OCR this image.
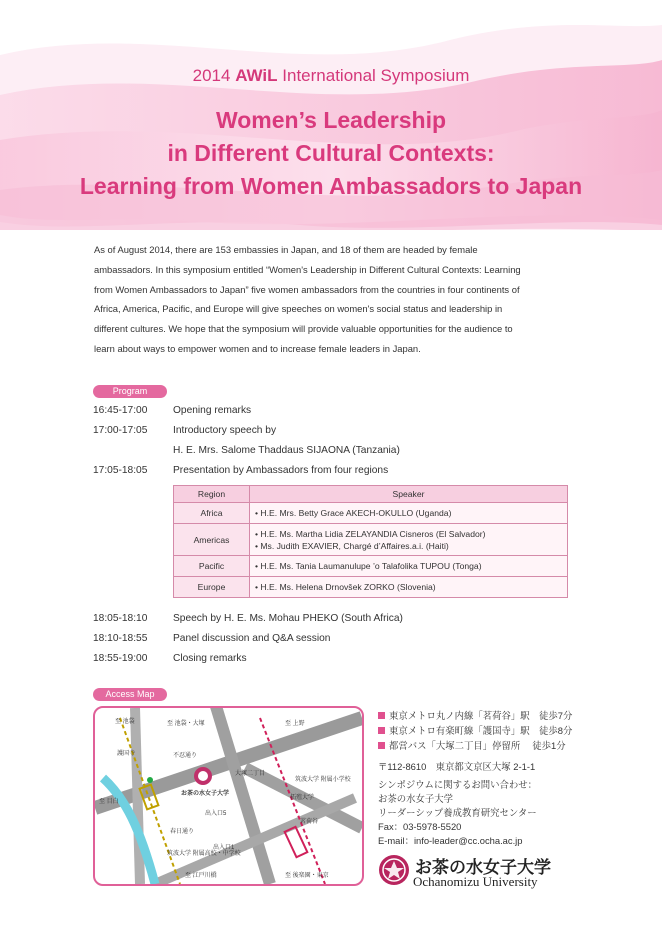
2014 AWiL International Symposium
Women’s Leadership
in Different Cultural Contexts:
Learning from Women Ambassadors to Japan
As of August 2014, there are 153 embassies in Japan, and 18 of them are headed by female
ambassadors. In this symposium entitled “Women's Leadership in Different Cultural Contexts: Learning
from Women Ambassadors to Japan” five women ambassadors from the countries in four continents of
Africa, America, Pacific, and Europe will give speeches on women's social status and leadership in
different cultures. We hope that the symposium will provide valuable opportunities for the audience to
learn about ways to empower women and to increase female leaders in Japan.
Program
16:45-17:00	Opening remarks
17:00-17:05	Introductory speech by
H. E. Mrs. Salome Thaddaus SIJAONA (Tanzania)
17:05-18:05	Presentation by Ambassadors from four regions
Region	Speaker
Africa	• H.E. Mrs. Betty Grace AKECH-OKULLO (Uganda)

Americas	• H.E. Ms. Martha Lidia ZELAYANDIA Cisneros (El Salvador)
• Ms. Judith EXAVIER, Chargé d’Affaires.a.i. (Haiti)

Pacific	• H.E. Ms. Tania Laumanulupe ’o Talafolika TUPOU (Tonga)

Europe	• H.E. Ms. Helena Drnovšek ZORKO (Slovenia)
18:05-18:10	Speech by H. E. Ms. Mohau PHEKO (South Africa)
18:10-18:55	Panel discussion and Q&A session
18:55-19:00	Closing remarks
Access Map
至 池袋	至 池袋・大塚	至 上野
至 目白
至 江戸川橋	至 後楽園・東京
護国寺
茗荷谷
大塚二丁目
不忍通り
お茶の水女子大学
出入口5
出入口1
筑波大学 附属高校・中学校
筑波大学 附属小学校
春日通り
拓殖大学
東京メトロ丸ノ内線「茗荷谷」駅　徒歩7分
東京メトロ有楽町線「護国寺」駅　徒歩8分
都営バス「大塚二丁目」停留所　 徒歩1分
〒112-8610　東京都文京区大塚 2-1-1
シンポジウムに関するお問い合わせ：
お茶の水女子大学
リーダーシップ養成教育研究センター
Fax：03-5978-5520
E-mail：info-leader@cc.ocha.ac.jp
お茶の水女子大学
Ochanomizu University
